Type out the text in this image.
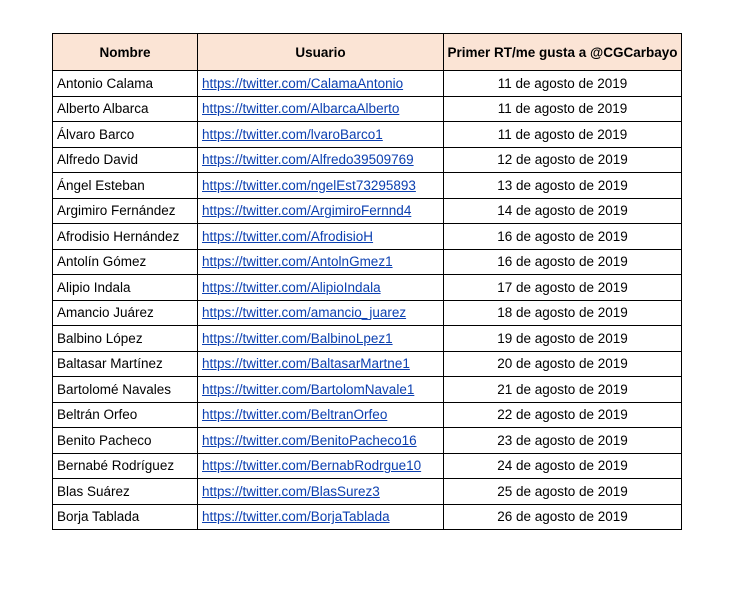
Nombre	Usuario	Primer RT/me gusta a @CGCarbayo
Antonio Calama	https://twitter.com/CalamaAntonio	11 de agosto de 2019
Alberto Albarca	https://twitter.com/AlbarcaAlberto	11 de agosto de 2019
Álvaro Barco	https://twitter.com/lvaroBarco1	11 de agosto de 2019
Alfredo David	https://twitter.com/Alfredo39509769	12 de agosto de 2019
Ángel Esteban	https://twitter.com/ngelEst73295893	13 de agosto de 2019
Argimiro Fernández	https://twitter.com/ArgimiroFernnd4	14 de agosto de 2019
Afrodisio Hernández	https://twitter.com/AfrodisioH	16 de agosto de 2019
Antolín Gómez	https://twitter.com/AntolnGmez1	16 de agosto de 2019
Alipio Indala	https://twitter.com/AlipioIndala	17 de agosto de 2019
Amancio Juárez	https://twitter.com/amancio_juarez	18 de agosto de 2019
Balbino López	https://twitter.com/BalbinoLpez1	19 de agosto de 2019
Baltasar Martínez	https://twitter.com/BaltasarMartne1	20 de agosto de 2019
Bartolomé Navales	https://twitter.com/BartolomNavale1	21 de agosto de 2019
Beltrán Orfeo	https://twitter.com/BeltranOrfeo	22 de agosto de 2019
Benito Pacheco	https://twitter.com/BenitoPacheco16	23 de agosto de 2019
Bernabé Rodríguez	https://twitter.com/BernabRodrgue10	24 de agosto de 2019
Blas Suárez	https://twitter.com/BlasSurez3	25 de agosto de 2019
Borja Tablada	https://twitter.com/BorjaTablada	26 de agosto de 2019
